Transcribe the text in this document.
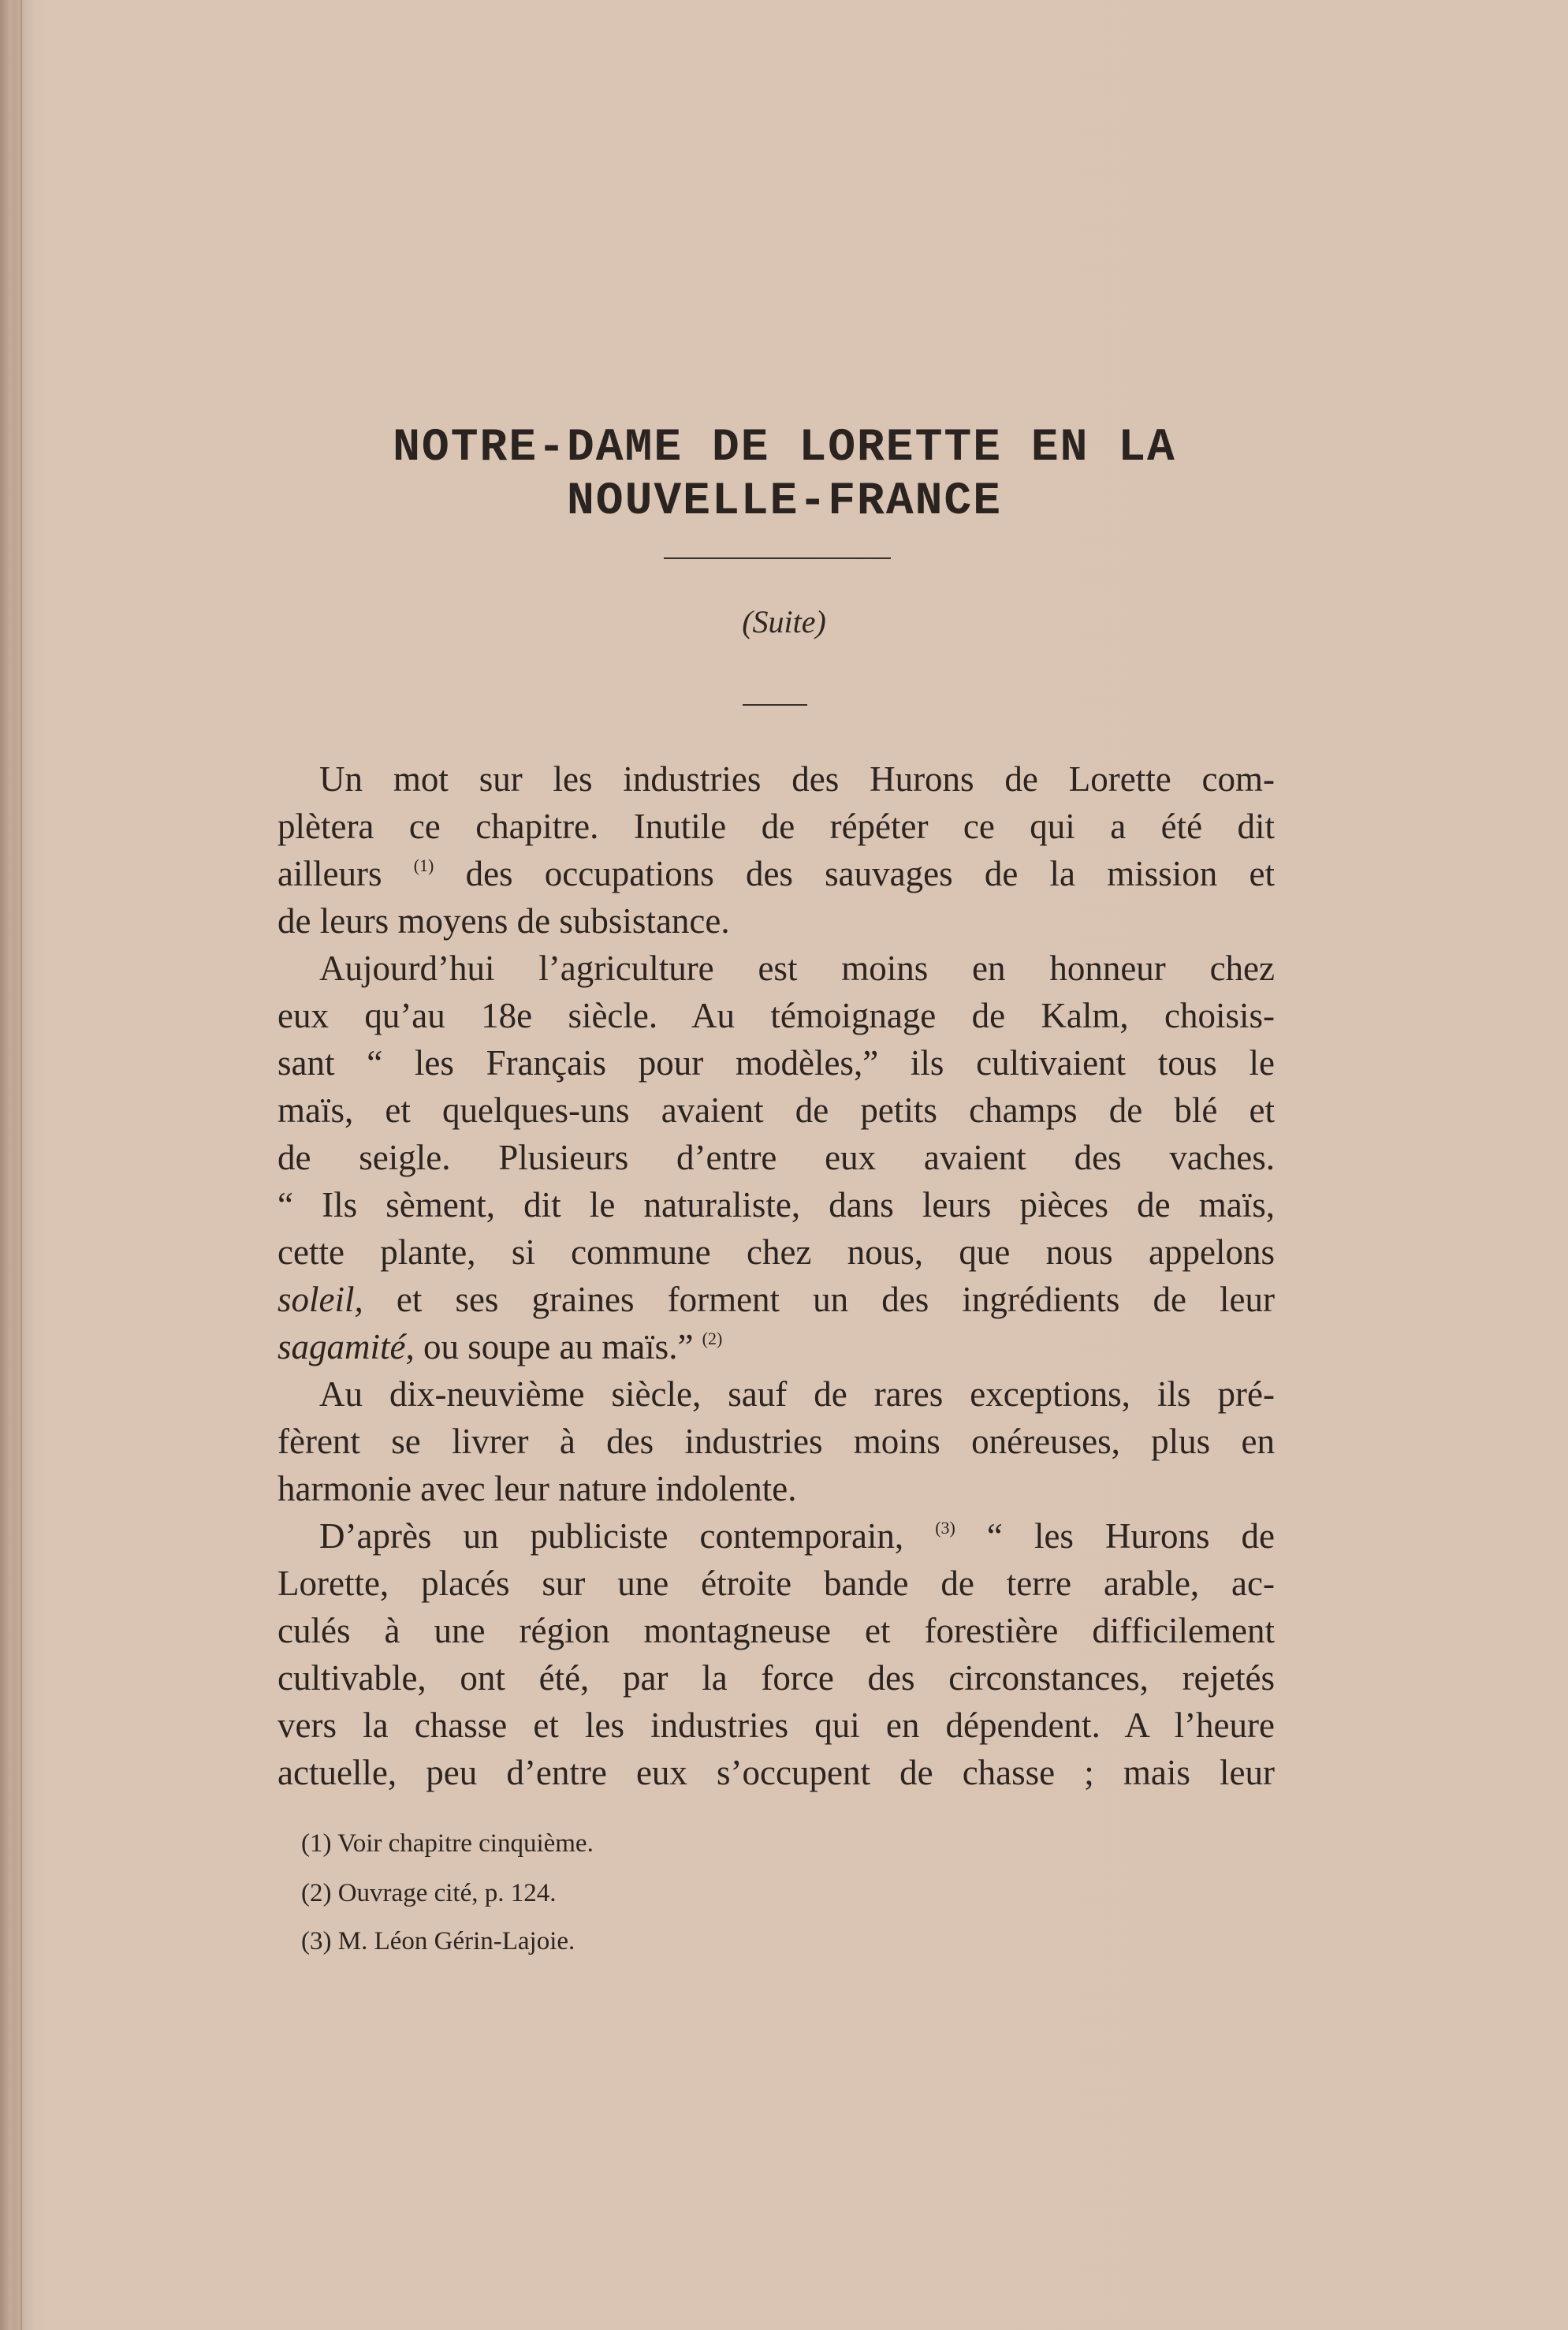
NOTRE-DAME DE LORETTE EN LA
NOUVELLE-FRANCE

(Suite)

Un mot sur les industries des Hurons de Lorette com-

plètera ce chapitre. Inutile de répéter ce qui a été dit

ailleurs $^{(1)}$ des occupations des sauvages de la mission et

de leurs moyens de subsistance.

Aujourd’hui l’agriculture est moins en honneur chez

eux qu’au 18e siècle. Au témoignage de Kalm, choisis-

sant “ les Français pour modèles,” ils cultivaient tous le

maïs, et quelques-uns avaient de petits champs de blé et

de seigle. Plusieurs d’entre eux avaient des vaches.

“ Ils sèment, dit le naturaliste, dans leurs pièces de maïs,

cette plante, si commune chez nous, que nous appelons

soleil, et ses graines forment un des ingrédients de leur

sagamité, ou soupe au maïs.” $^{(2)}$

Au dix-neuvième siècle, sauf de rares exceptions, ils pré-

fèrent se livrer à des industries moins onéreuses, plus en

harmonie avec leur nature indolente.

D’après un publiciste contemporain, $^{(3)}$ “ les Hurons de

Lorette, placés sur une étroite bande de terre arable, ac-

culés à une région montagneuse et forestière difficilement

cultivable, ont été, par la force des circonstances, rejetés

vers la chasse et les industries qui en dépendent. A l’heure

actuelle, peu d’entre eux s’occupent de chasse ; mais leur

(1) Voir chapitre cinquième.

(2) Ouvrage cité, p. 124.

(3) M. Léon Gérin-Lajoie.
